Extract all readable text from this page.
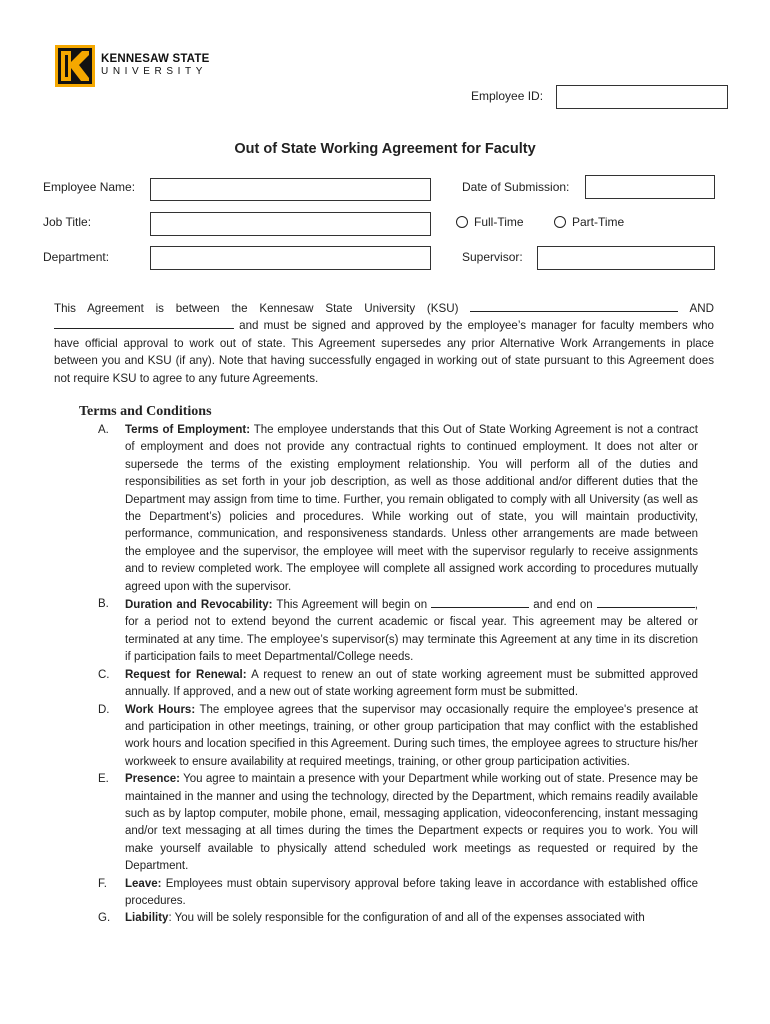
KENNESAW STATE
UNIVERSITY
Employee ID:
Out of State Working Agreement for Faculty
Employee Name:	Date of Submission:
Job Title:	Full-Time	Part-Time
Department:	Supervisor:
This Agreement is between the Kennesaw State University (KSU)	AND  and must be signed and approved by the employee’s manager for faculty members who have official approval to work out of state. This Agreement supersedes any prior Alternative Work Arrangements in place between you and KSU (if any). Note that having successfully engaged in working out of state pursuant to this Agreement does not require KSU to agree to any future Agreements.
Terms and Conditions
A. Terms of Employment: The employee understands that this Out of State Working Agreement is not a contract of employment and does not provide any contractual rights to continued employment. It does not alter or supersede the terms of the existing employment relationship. You will perform all of the duties and responsibilities as set forth in your job description, as well as those additional and/or different duties that the Department may assign from time to time. Further, you remain obligated to comply with all University (as well as the Department’s) policies and procedures. While working out of state, you will maintain productivity, performance, communication, and responsiveness standards. Unless other arrangements are made between the employee and the supervisor, the employee will meet with the supervisor regularly to receive assignments and to review completed work. The employee will complete all assigned work according to procedures mutually agreed upon with the supervisor.
B. Duration and Revocability: This Agreement will begin on	and end on	, for a period not to extend beyond the current academic or fiscal year. This agreement may be altered or terminated at any time. The employee’s supervisor(s) may terminate this Agreement at any time in its discretion if participation fails to meet Departmental/College needs.
C. Request for Renewal: A request to renew an out of state working agreement must be submitted approved annually. If approved, and a new out of state working agreement form must be submitted.
D. Work Hours: The employee agrees that the supervisor may occasionally require the employee's presence at and participation in other meetings, training, or other group participation that may conflict with the established work hours and location specified in this Agreement. During such times, the employee agrees to structure his/her workweek to ensure availability at required meetings, training, or other group participation activities.
E. Presence: You agree to maintain a presence with your Department while working out of state. Presence may be maintained in the manner and using the technology, directed by the Department, which remains readily available such as by laptop computer, mobile phone, email, messaging application, videoconferencing, instant messaging and/or text messaging at all times during the times the Department expects or requires you to work. You will make yourself available to physically attend scheduled work meetings as requested or required by the Department.
F. Leave: Employees must obtain supervisory approval before taking leave in accordance with established office procedures.
G. Liability: You will be solely responsible for the configuration of and all of the expenses associated with
